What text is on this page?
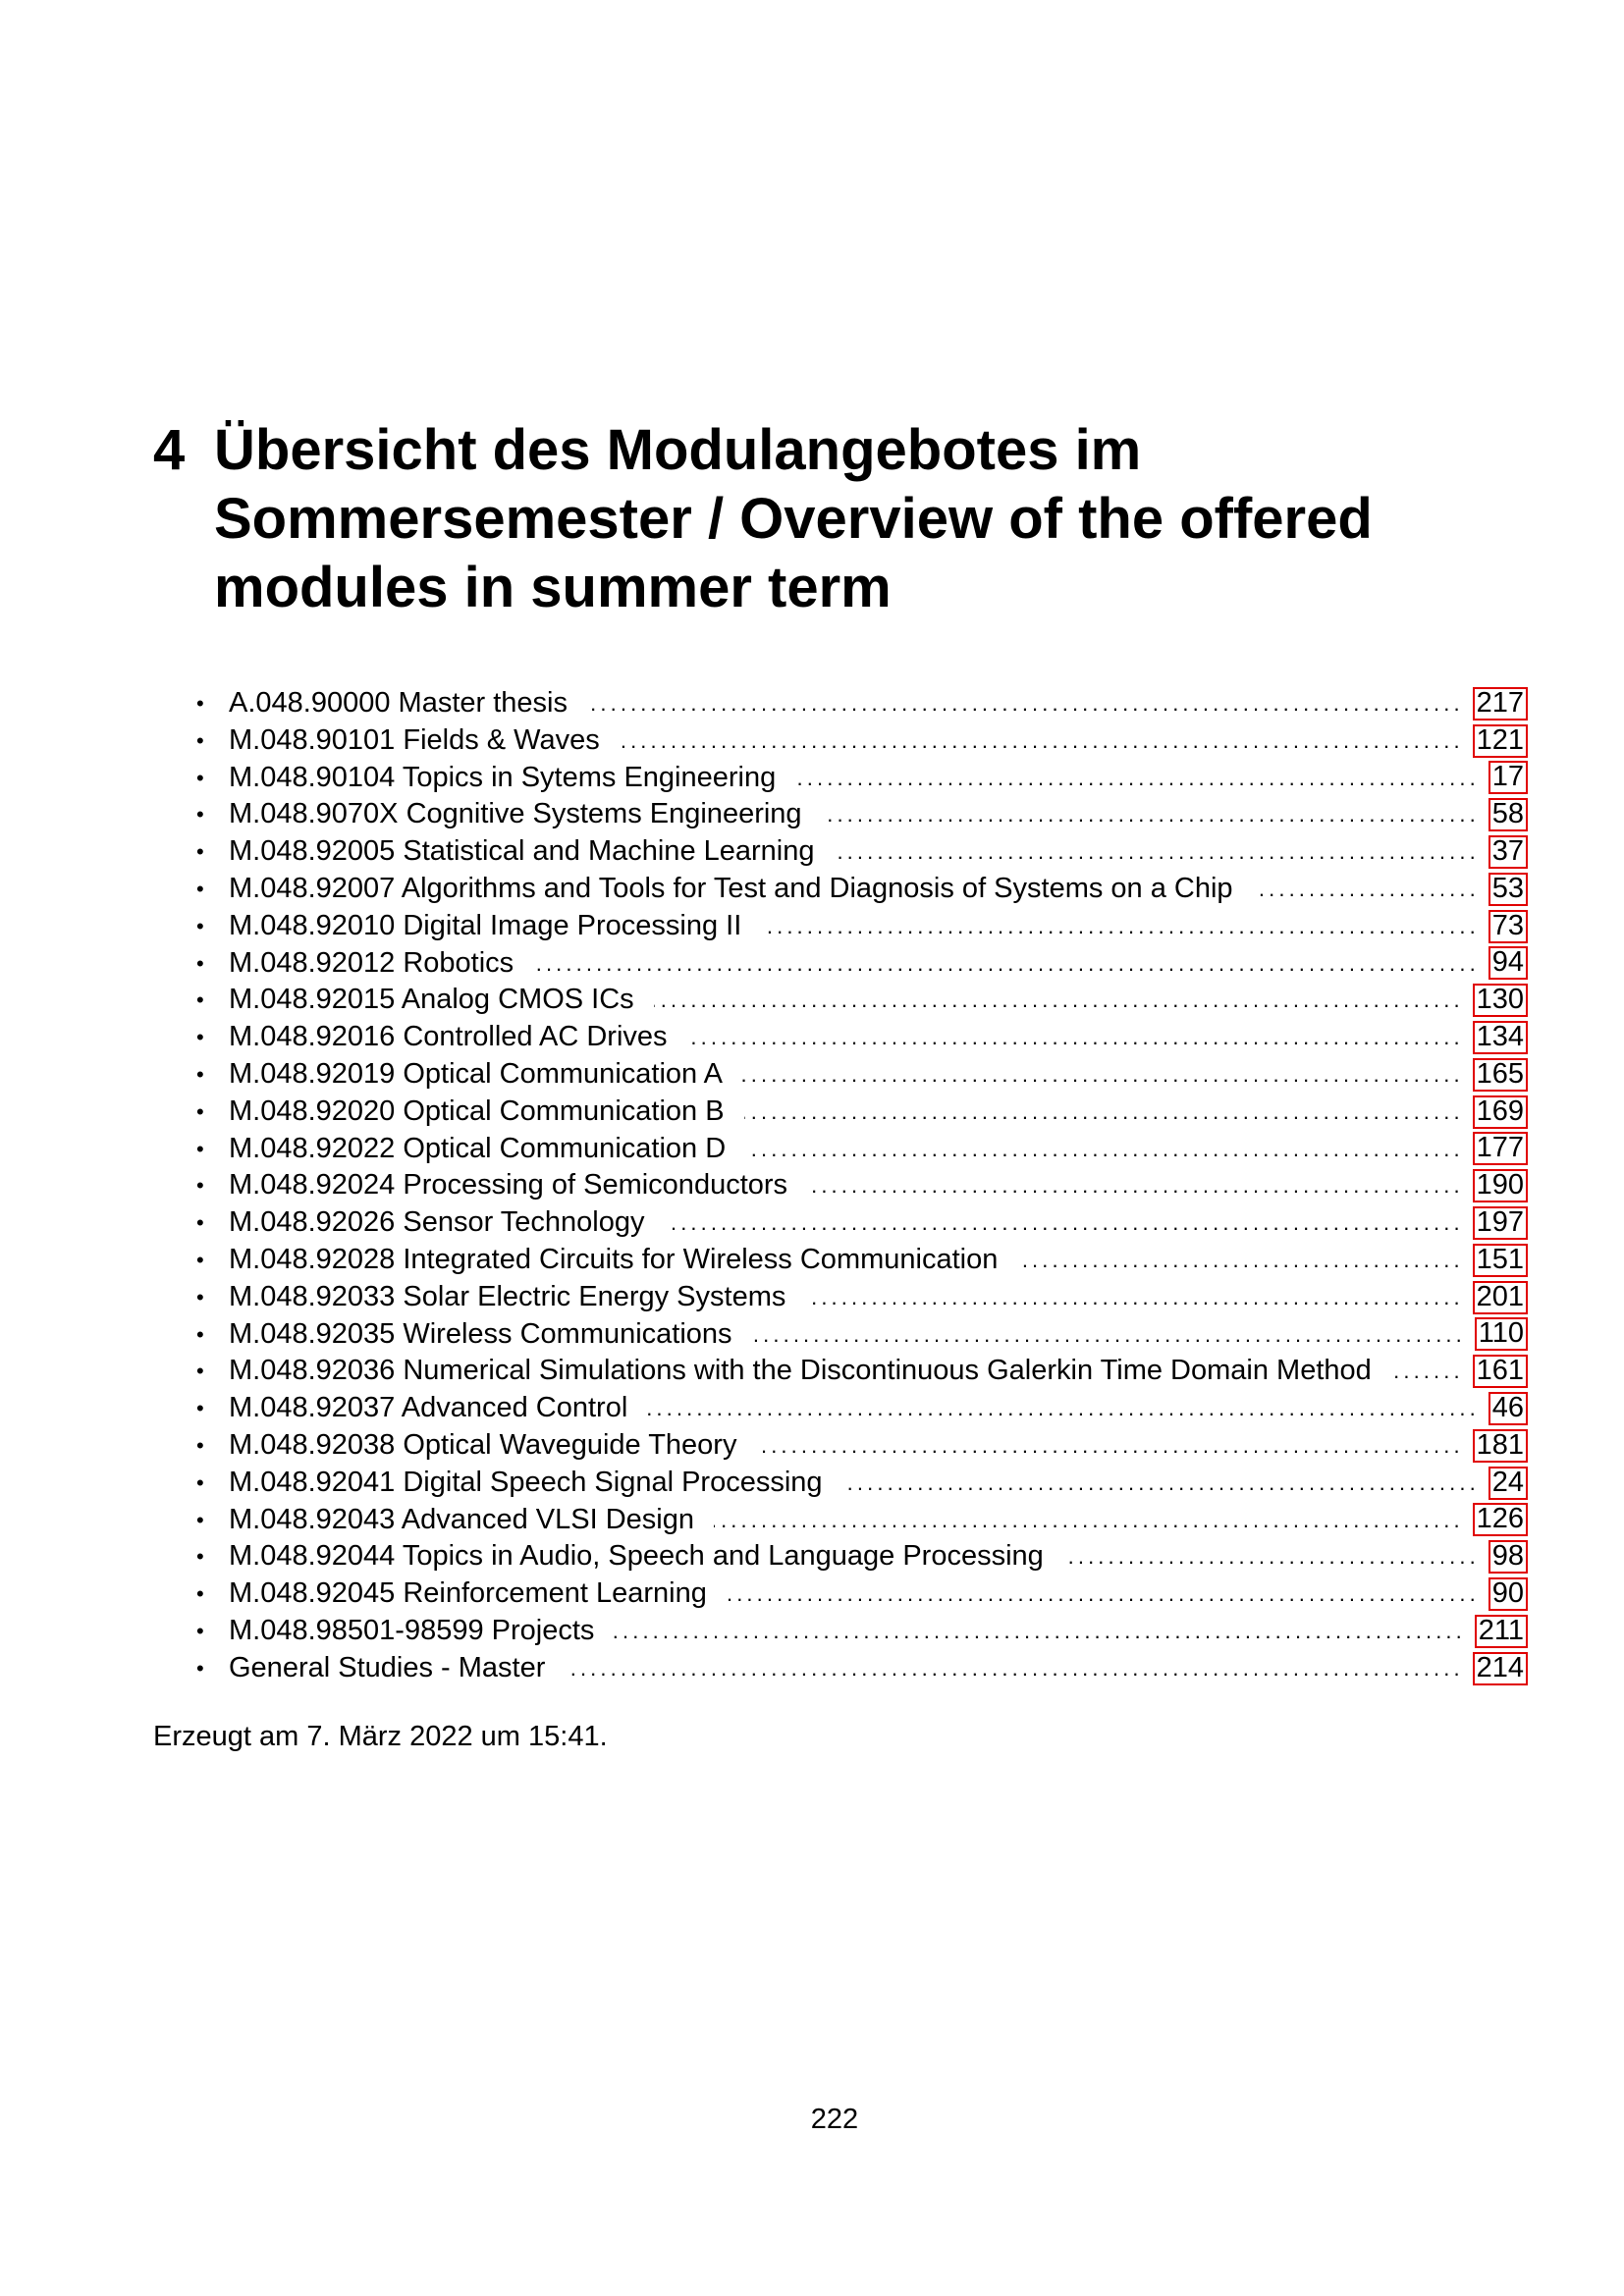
4 Übersicht des Modulangebotes im Sommersemester / Overview of the offered modules in summer term
• A.048.90000 Master thesis . . .	217
• M.048.90101 Fields & Waves . . .	121
• M.048.90104 Topics in Sytems Engineering . . .	17
• M.048.9070X Cognitive Systems Engineering . . .	58
• M.048.92005 Statistical and Machine Learning . . .	37
• M.048.92007 Algorithms and Tools for Test and Diagnosis of Systems on a Chip . . .	53
• M.048.92010 Digital Image Processing II . . .	73
• M.048.92012 Robotics . . .	94
• M.048.92015 Analog CMOS ICs . . .	130
• M.048.92016 Controlled AC Drives . . .	134
• M.048.92019 Optical Communication A . . .	165
• M.048.92020 Optical Communication B . . .	169
• M.048.92022 Optical Communication D . . .	177
• M.048.92024 Processing of Semiconductors . . .	190
• M.048.92026 Sensor Technology . . .	197
• M.048.92028 Integrated Circuits for Wireless Communication . . .	151
• M.048.92033 Solar Electric Energy Systems . . .	201
• M.048.92035 Wireless Communications . . .	110
• M.048.92036 Numerical Simulations with the Discontinuous Galerkin Time Domain Method . . .	161
• M.048.92037 Advanced Control . . .	46
• M.048.92038 Optical Waveguide Theory . . .	181
• M.048.92041 Digital Speech Signal Processing . . .	24
• M.048.92043 Advanced VLSI Design . . .	126
• M.048.92044 Topics in Audio, Speech and Language Processing . . .	98
• M.048.92045 Reinforcement Learning . . .	90
• M.048.98501-98599 Projects . . .	211
• General Studies - Master . . .	214
Erzeugt am 7. März 2022 um 15:41.
222
